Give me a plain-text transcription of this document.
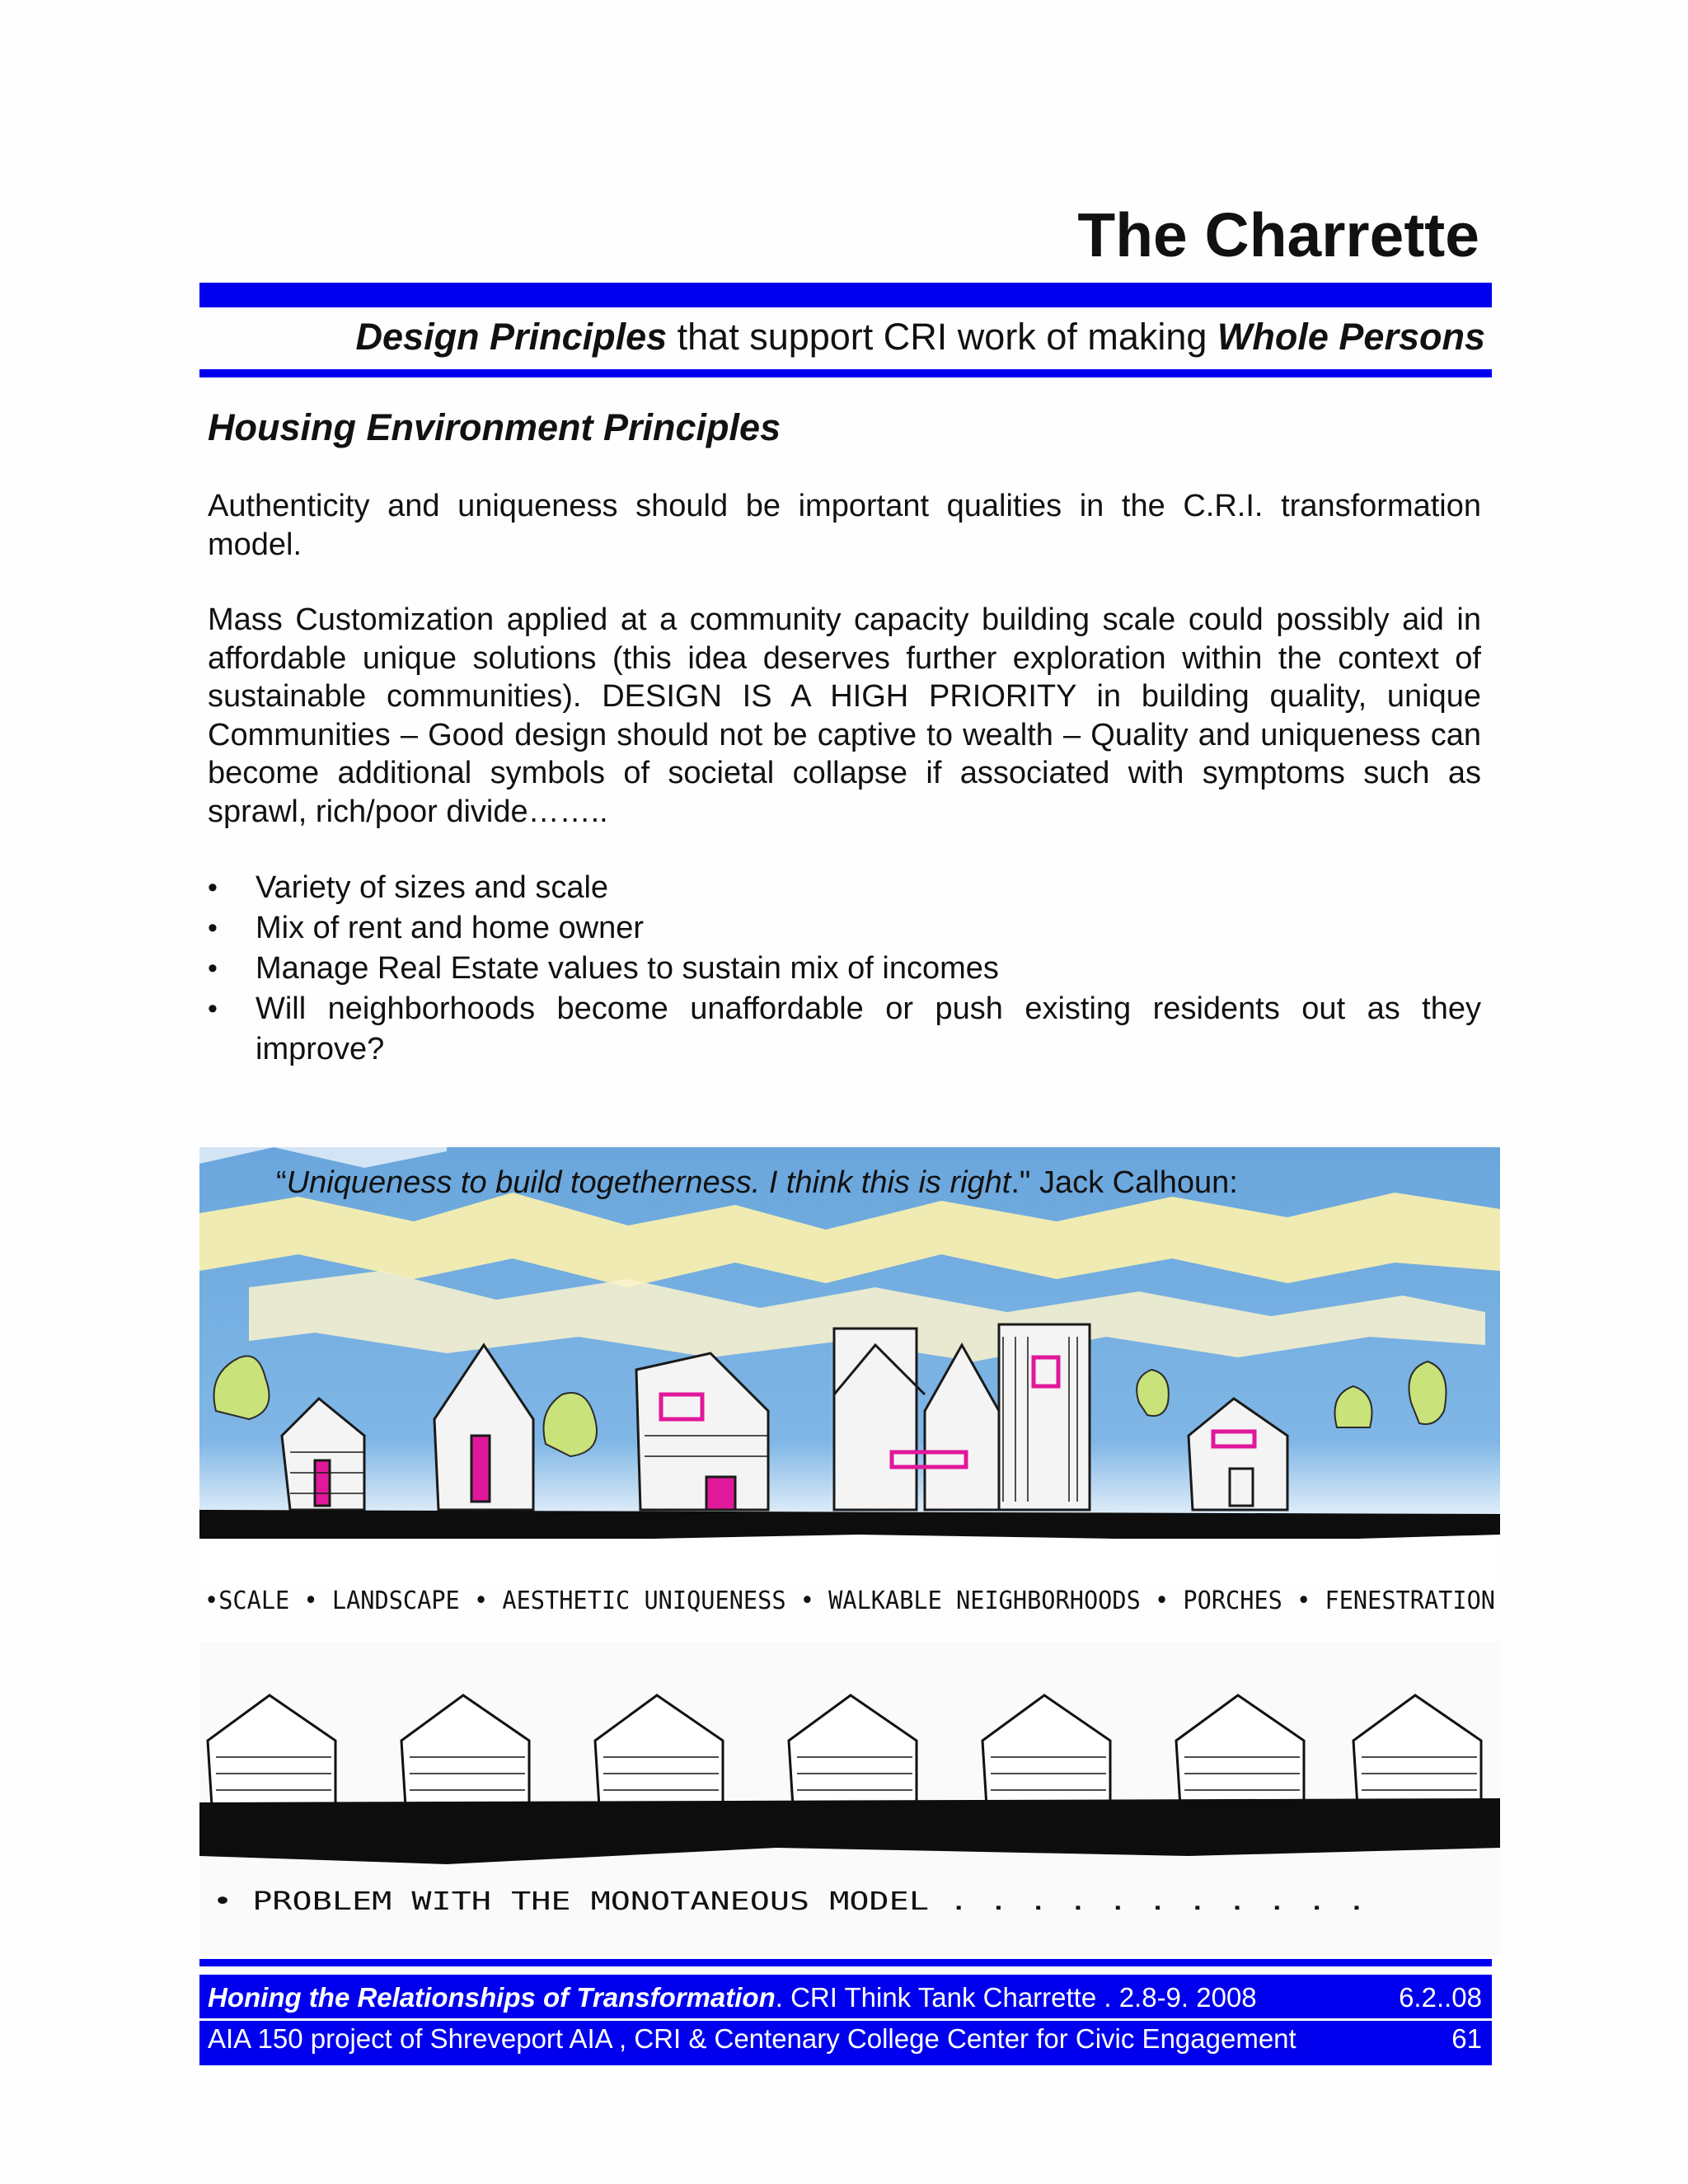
The Charrette
Design Principles that support CRI work of making Whole Persons
Housing Environment Principles

Authenticity and uniqueness should be important qualities in the C.R.I. transformation model.

Mass Customization applied at a community capacity building scale could possibly aid in affordable unique solutions (this idea deserves further exploration within the context of sustainable communities). DESIGN IS A HIGH PRIORITY in building quality, unique Communities – Good design should not be captive to wealth – Quality and uniqueness can become additional symbols of societal collapse if associated with symptoms such as sprawl, rich/poor divide……..

• Variety of sizes and scale
• Mix of rent and home owner
• Manage Real Estate values to sustain mix of incomes
• Will neighborhoods become unaffordable or push existing residents out as they improve?
•SCALE • LANDSCAPE • AESTHETIC UNIQUENESS • WALKABLE NEIGHBORHOODS • PORCHES • FENESTRATION
• PROBLEM WITH THE MONOTANEOUS MODEL . . . . . . . . . . .
“Uniqueness to build togetherness. I think this is right." Jack Calhoun:
Honing the Relationships of Transformation. CRI Think Tank Charrette . 2.8-9. 2008	6.2..08
AIA 150 project of Shreveport AIA , CRI & Centenary College Center for Civic Engagement	61
